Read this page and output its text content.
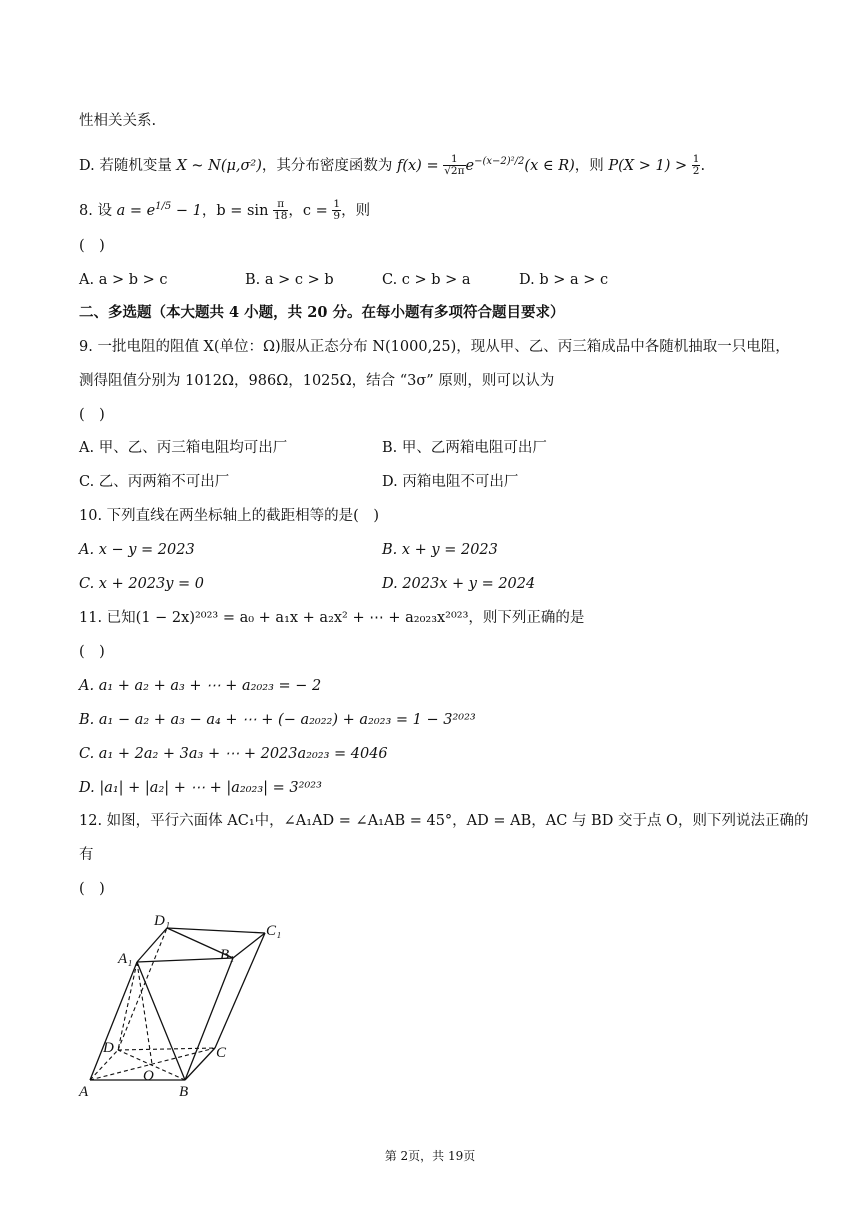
性相关关系.
D. 若随机变量 X ~ N(μ,σ²)，其分布密度函数为 $f(x) = \frac{1}{√2\pi} e^{-(x-2)^2/2}(x$ ∈ R)，则 $P(X > 1) > \frac{1}{2}$ .
8. 设 $a = e^{1/5} - 1$，$b = \sin \frac{\pi}{18}$ ，$c = \frac{1}{9}$ ，则
(　)
A. a > b > c	B. a > c > b	C. c > b > a	D. b > a > c
二、多选题（本大题共 4 小题，共 20 分。在每小题有多项符合题目要求）
9. 一批电阻的阻值 X(单位：Ω)服从正态分布 N(1000,25)，现从甲、乙、丙三箱成品中各随机抽取一只电阻，
测得阻值分别为 1012Ω，986Ω，1025Ω，结合 “3σ” 原则，则可以认为
(　)
A. 甲、乙、丙三箱电阻均可出厂	B. 甲、乙两箱电阻可出厂
C. 乙、丙两箱不可出厂	D. 丙箱电阻不可出厂
10. 下列直线在两坐标轴上的截距相等的是(　)
A. x − y = 2023	B. x + y = 2023
C. x + 2023y = 0	D. 2023x + y = 2024
11. 已知(1 − 2x)²⁰²³ = a₀ + a₁x + a₂x² + ⋯ + a₂₀₂₃x²⁰²³，则下列正确的是
(　)
A. a₁ + a₂ + a₃ + ⋯ + a₂₀₂₃ = − 2
B. a₁ − a₂ + a₃ − a₄ + ⋯ + (− a₂₀₂₂) + a₂₀₂₃ = 1 − 3²⁰²³
C. a₁ + 2a₂ + 3a₃ + ⋯ + 2023a₂₀₂₃ = 4046
D. |a₁| + |a₂| + ⋯ + |a₂₀₂₃| = 3²⁰²³
12. 如图，平行六面体 AC₁中，∠A₁AD = ∠A₁AB = 45°，AD = AB，AC 与 BD 交于点 O，则下列说法正确的
有
(　)
D₁
C₁
A₁	B₁
D	C
O
A	B
第 2页，共 19页
